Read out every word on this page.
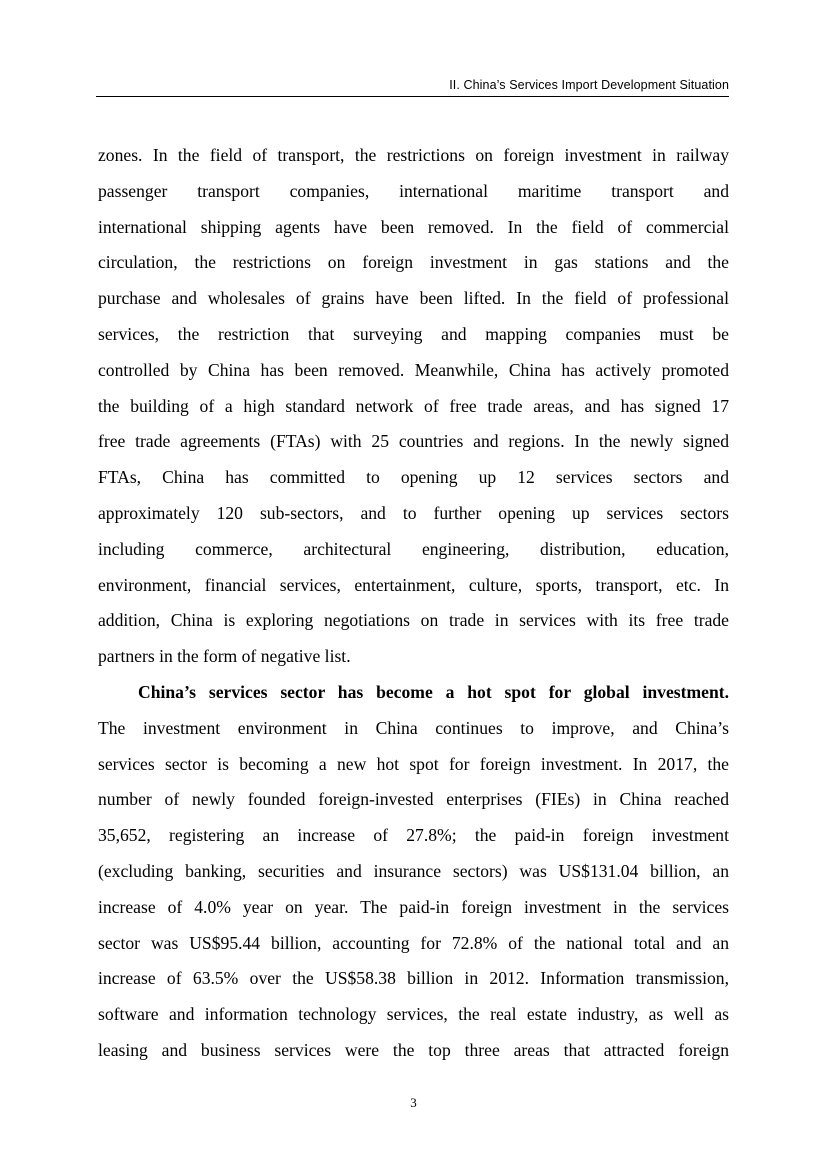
II. China’s Services Import Development Situation
zones. In the field of transport, the restrictions on foreign investment in railway
passenger transport companies, international maritime transport and
international shipping agents have been removed. In the field of commercial
circulation, the restrictions on foreign investment in gas stations and the
purchase and wholesales of grains have been lifted. In the field of professional
services, the restriction that surveying and mapping companies must be
controlled by China has been removed. Meanwhile, China has actively promoted
the building of a high standard network of free trade areas, and has signed 17
free trade agreements (FTAs) with 25 countries and regions. In the newly signed
FTAs, China has committed to opening up 12 services sectors and
approximately 120 sub-sectors, and to further opening up services sectors
including commerce, architectural engineering, distribution, education,
environment, financial services, entertainment, culture, sports, transport, etc. In
addition, China is exploring negotiations on trade in services with its free trade
partners in the form of negative list.
China’s services sector has become a hot spot for global investment.
The investment environment in China continues to improve, and China’s
services sector is becoming a new hot spot for foreign investment. In 2017, the
number of newly founded foreign-invested enterprises (FIEs) in China reached
35,652, registering an increase of 27.8%; the paid-in foreign investment
(excluding banking, securities and insurance sectors) was US$131.04 billion, an
increase of 4.0% year on year. The paid-in foreign investment in the services
sector was US$95.44 billion, accounting for 72.8% of the national total and an
increase of 63.5% over the US$58.38 billion in 2012. Information transmission,
software and information technology services, the real estate industry, as well as
leasing and business services were the top three areas that attracted foreign
3
